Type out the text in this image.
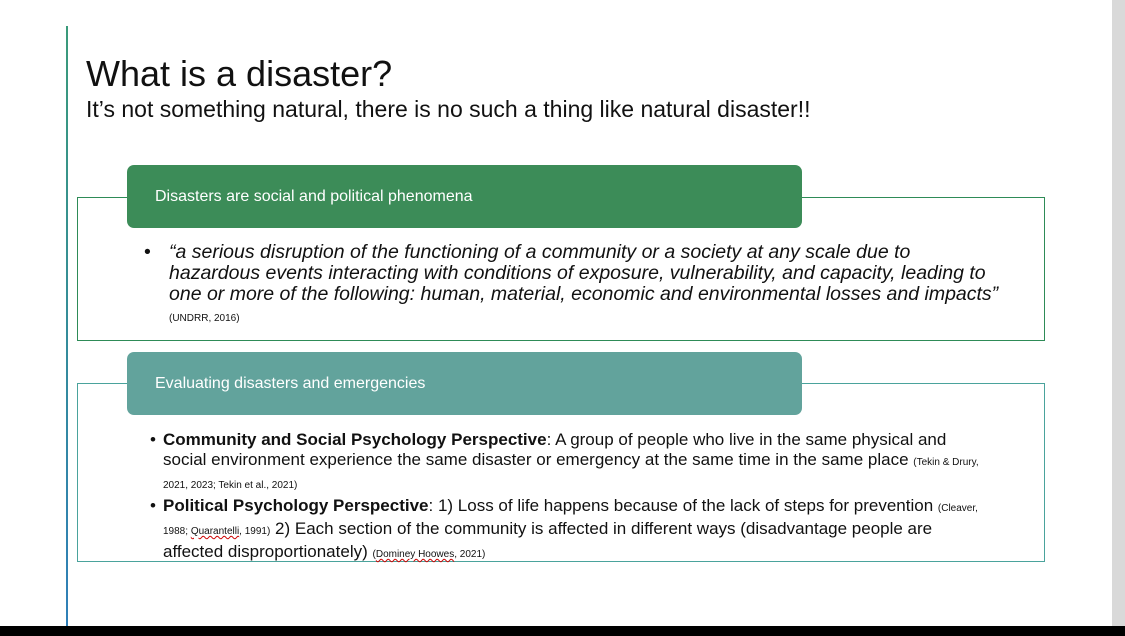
What is a disaster?
It’s not something natural, there is no such a thing like natural disaster!!
Disasters are social and political phenomena
• “a serious disruption of the functioning of a community or a society at any scale due to hazardous events interacting with conditions of exposure, vulnerability, and capacity, leading to one or more of the following: human, material, economic and environmental losses and impacts” (UNDRR, 2016)
Evaluating disasters and emergencies
• Community and Social Psychology Perspective: A group of people who live in the same physical and social environment experience the same disaster or emergency at the same time in the same place (Tekin & Drury, 2021, 2023; Tekin et al., 2021)
• Political Psychology Perspective: 1) Loss of life happens because of the lack of steps for prevention (Cleaver, 1988; Quarantelli, 1991) 2) Each section of the community is affected in different ways (disadvantage people are affected disproportionately) (Dominey Hoowes, 2021)
